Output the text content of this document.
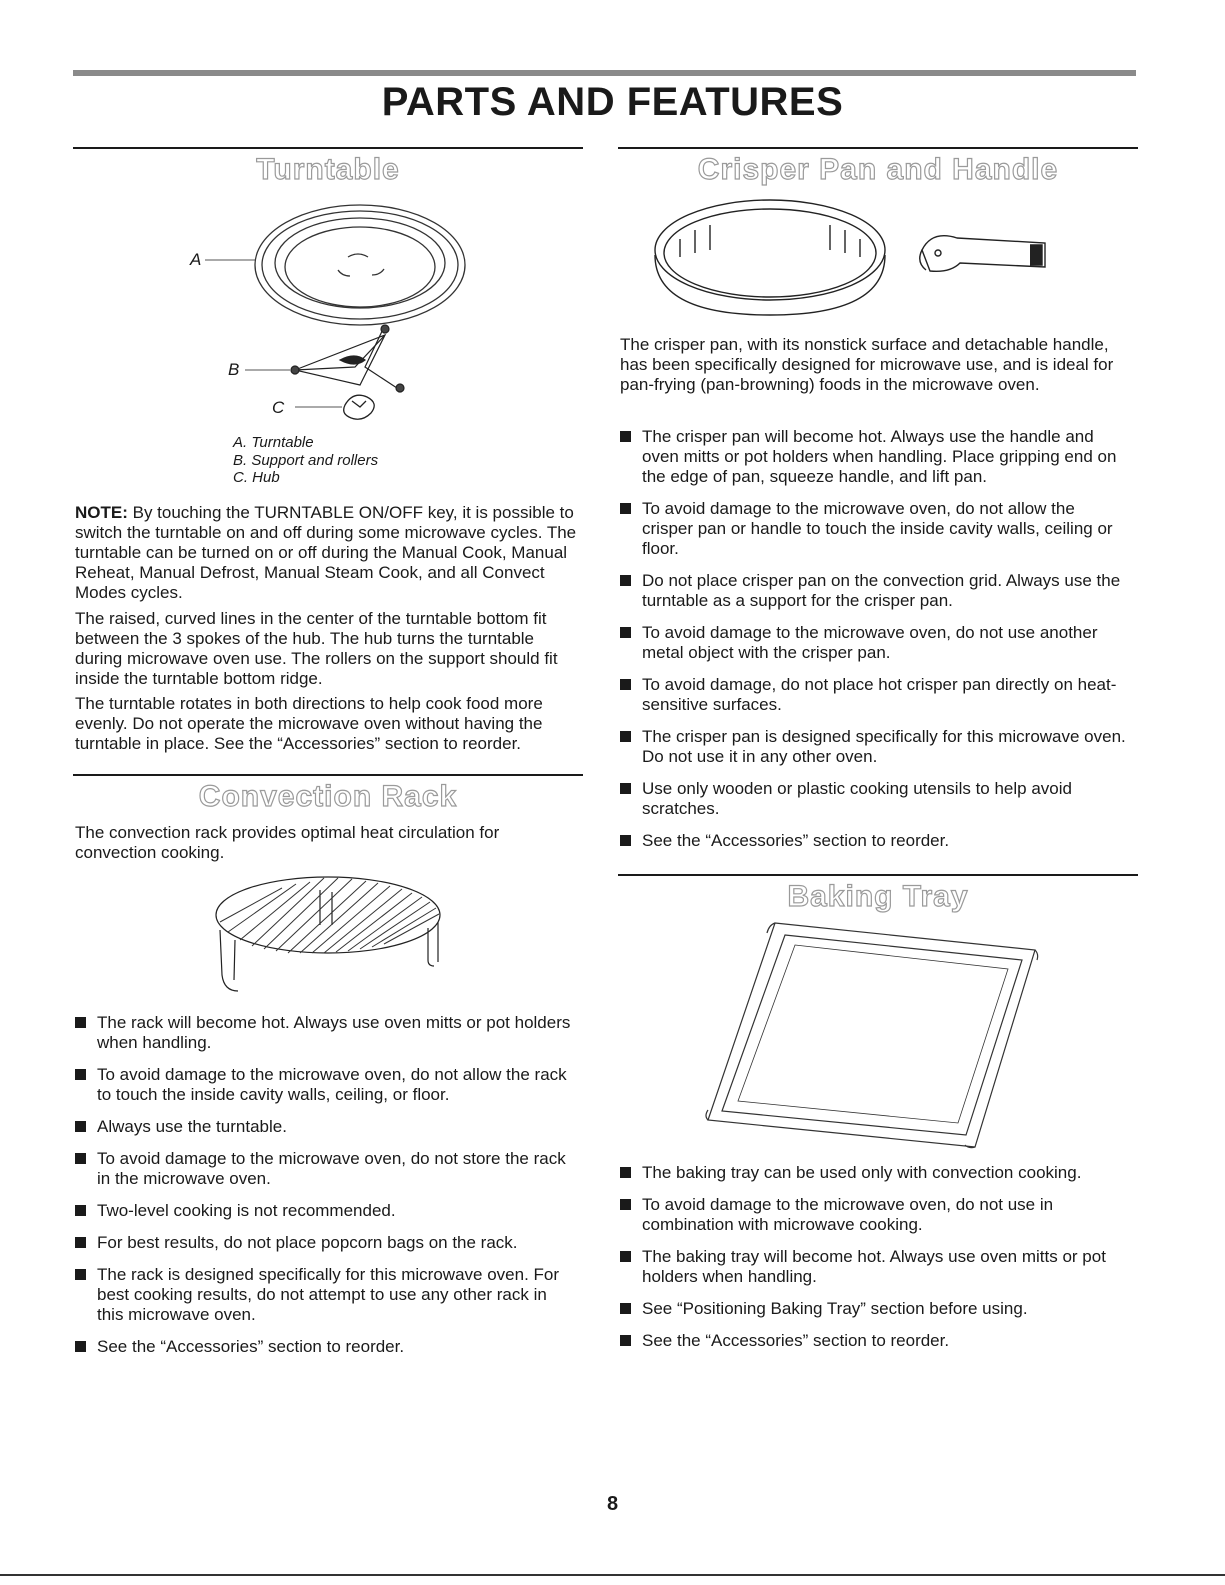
PARTS AND FEATURES
Turntable
A
B
C

A. Turntable

B. Support and rollers

C. Hub

NOTE: By touching the TURNTABLE ON/OFF key, it is possible to switch the turntable on and off during some microwave cycles. The turntable can be turned on or off during the Manual Cook, Manual Reheat, Manual Defrost, Manual Steam Cook, and all Convect Modes cycles.

The raised, curved lines in the center of the turntable bottom fit between the 3 spokes of the hub. The hub turns the turntable during microwave oven use. The rollers on the support should fit inside the turntable bottom ridge.

The turntable rotates in both directions to help cook food more evenly. Do not operate the microwave oven without having the turntable in place. See the “Accessories” section to reorder.

Convection Rack

The convection rack provides optimal heat circulation for convection cooking.

The rack will become hot. Always use oven mitts or pot holders when handling.
To avoid damage to the microwave oven, do not allow the rack to touch the inside cavity walls, ceiling, or floor.
Always use the turntable.
To avoid damage to the microwave oven, do not store the rack in the microwave oven.
Two-level cooking is not recommended.
For best results, do not place popcorn bags on the rack.
The rack is designed specifically for this microwave oven. For best cooking results, do not attempt to use any other rack in this microwave oven.
See the “Accessories” section to reorder.
Crisper Pan and Handle

The crisper pan, with its nonstick surface and detachable handle, has been specifically designed for microwave use, and is ideal for pan-frying (pan-browning) foods in the microwave oven.

The crisper pan will become hot. Always use the handle and oven mitts or pot holders when handling. Place gripping end on the edge of pan, squeeze handle, and lift pan.
To avoid damage to the microwave oven, do not allow the crisper pan or handle to touch the inside cavity walls, ceiling or floor.
Do not place crisper pan on the convection grid. Always use the turntable as a support for the crisper pan.
To avoid damage to the microwave oven, do not use another metal object with the crisper pan.
To avoid damage, do not place hot crisper pan directly on heat-sensitive surfaces.
The crisper pan is designed specifically for this microwave oven. Do not use it in any other oven.
Use only wooden or plastic cooking utensils to help avoid scratches.
See the “Accessories” section to reorder.
Baking Tray
The baking tray can be used only with convection cooking.
To avoid damage to the microwave oven, do not use in combination with microwave cooking.
The baking tray will become hot. Always use oven mitts or pot holders when handling.
See “Positioning Baking Tray” section before using.
See the “Accessories” section to reorder.
8
